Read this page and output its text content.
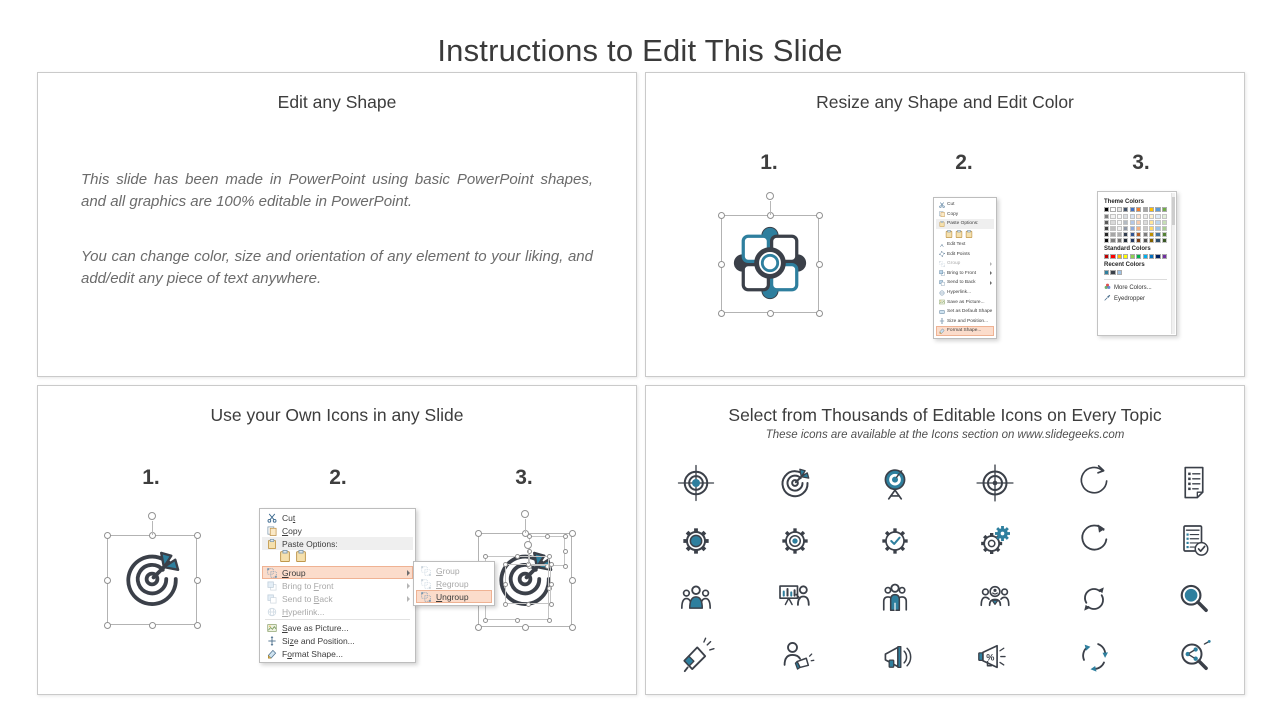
Instructions to Edit This Slide
Edit any Shape

This slide has been made in PowerPoint using basic PowerPoint shapes, and all graphics are 100% editable in PowerPoint.

You can change color, size and orientation of any element to your liking, and add/edit any piece of text anywhere.

Resize any Shape and Edit Color
1.	2.	3.
Cut
Copy
Paste Options:
A Edit Text
Edit Points
Group
Bring to Front
Send to Back
Hyperlink...
Save as Picture...
Set as Default Shape
Size and Position...
Format Shape...
Theme Colors
Standard Colors
Recent Colors
More Colors...
Eyedropper
Use your Own Icons in any Slide
1.	2.	3.
Group
Regroup
Ungroup
Cut
Copy
Paste Options:
Group
Bring to Front
Send to Back
Hyperlink...
Save as Picture...
Size and Position...
Format Shape...
Select from Thousands of Editable Icons on Every Topic

These icons are available at the Icons section on www.slidegeeks.com
